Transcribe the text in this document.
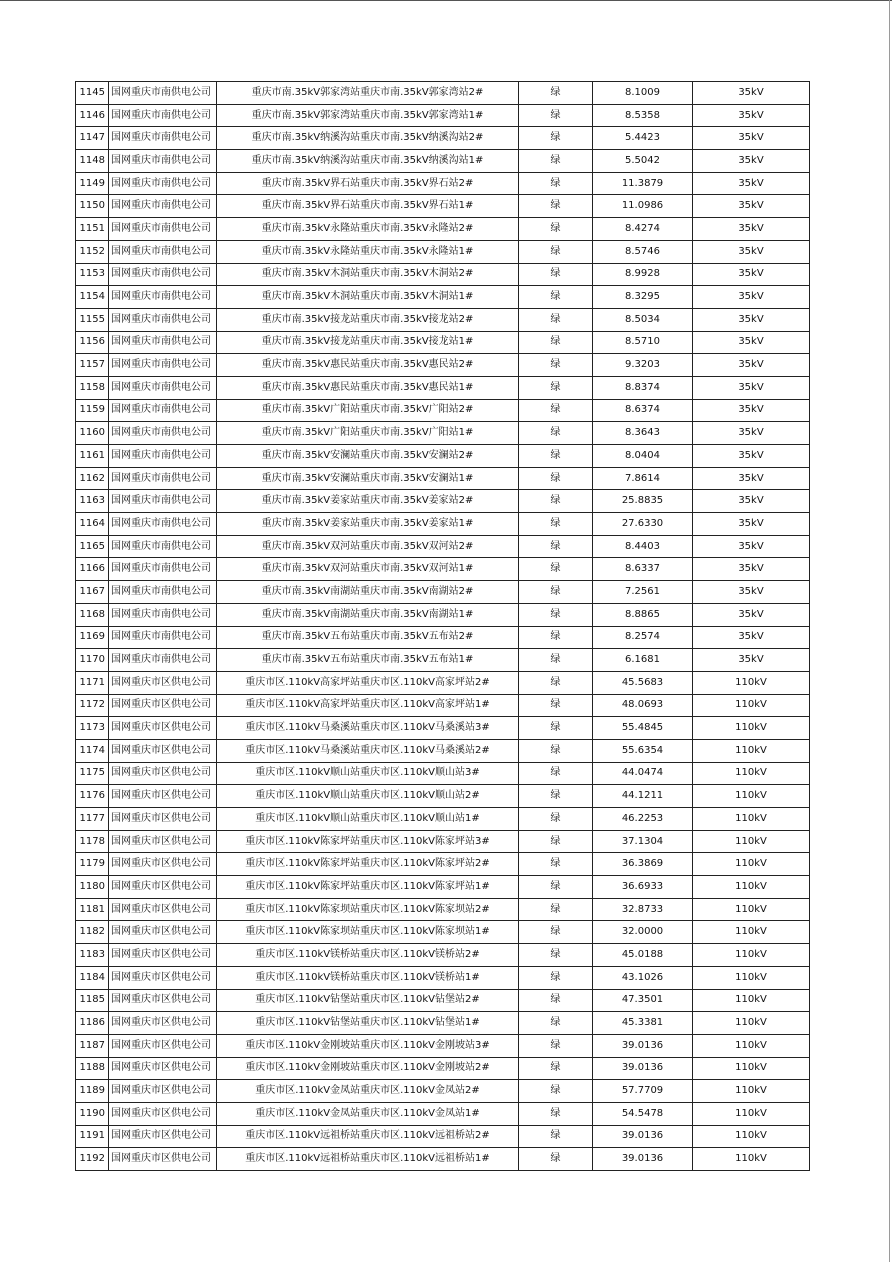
1145	国网重庆市南供电公司	重庆市南.35kV郭家湾站重庆市南.35kV郭家湾站2#	绿	8.1009	35kV
1146	国网重庆市南供电公司	重庆市南.35kV郭家湾站重庆市南.35kV郭家湾站1#	绿	8.5358	35kV
1147	国网重庆市南供电公司	重庆市南.35kV纳溪沟站重庆市南.35kV纳溪沟站2#	绿	5.4423	35kV
1148	国网重庆市南供电公司	重庆市南.35kV纳溪沟站重庆市南.35kV纳溪沟站1#	绿	5.5042	35kV
1149	国网重庆市南供电公司	重庆市南.35kV界石站重庆市南.35kV界石站2#	绿	11.3879	35kV
1150	国网重庆市南供电公司	重庆市南.35kV界石站重庆市南.35kV界石站1#	绿	11.0986	35kV
1151	国网重庆市南供电公司	重庆市南.35kV永隆站重庆市南.35kV永隆站2#	绿	8.4274	35kV
1152	国网重庆市南供电公司	重庆市南.35kV永隆站重庆市南.35kV永隆站1#	绿	8.5746	35kV
1153	国网重庆市南供电公司	重庆市南.35kV木洞站重庆市南.35kV木洞站2#	绿	8.9928	35kV
1154	国网重庆市南供电公司	重庆市南.35kV木洞站重庆市南.35kV木洞站1#	绿	8.3295	35kV
1155	国网重庆市南供电公司	重庆市南.35kV接龙站重庆市南.35kV接龙站2#	绿	8.5034	35kV
1156	国网重庆市南供电公司	重庆市南.35kV接龙站重庆市南.35kV接龙站1#	绿	8.5710	35kV
1157	国网重庆市南供电公司	重庆市南.35kV惠民站重庆市南.35kV惠民站2#	绿	9.3203	35kV
1158	国网重庆市南供电公司	重庆市南.35kV惠民站重庆市南.35kV惠民站1#	绿	8.8374	35kV
1159	国网重庆市南供电公司	重庆市南.35kV广阳站重庆市南.35kV广阳站2#	绿	8.6374	35kV
1160	国网重庆市南供电公司	重庆市南.35kV广阳站重庆市南.35kV广阳站1#	绿	8.3643	35kV
1161	国网重庆市南供电公司	重庆市南.35kV安澜站重庆市南.35kV安澜站2#	绿	8.0404	35kV
1162	国网重庆市南供电公司	重庆市南.35kV安澜站重庆市南.35kV安澜站1#	绿	7.8614	35kV
1163	国网重庆市南供电公司	重庆市南.35kV姜家站重庆市南.35kV姜家站2#	绿	25.8835	35kV
1164	国网重庆市南供电公司	重庆市南.35kV姜家站重庆市南.35kV姜家站1#	绿	27.6330	35kV
1165	国网重庆市南供电公司	重庆市南.35kV双河站重庆市南.35kV双河站2#	绿	8.4403	35kV
1166	国网重庆市南供电公司	重庆市南.35kV双河站重庆市南.35kV双河站1#	绿	8.6337	35kV
1167	国网重庆市南供电公司	重庆市南.35kV南湖站重庆市南.35kV南湖站2#	绿	7.2561	35kV
1168	国网重庆市南供电公司	重庆市南.35kV南湖站重庆市南.35kV南湖站1#	绿	8.8865	35kV
1169	国网重庆市南供电公司	重庆市南.35kV五布站重庆市南.35kV五布站2#	绿	8.2574	35kV
1170	国网重庆市南供电公司	重庆市南.35kV五布站重庆市南.35kV五布站1#	绿	6.1681	35kV
1171	国网重庆市区供电公司	重庆市区.110kV高家坪站重庆市区.110kV高家坪站2#	绿	45.5683	110kV
1172	国网重庆市区供电公司	重庆市区.110kV高家坪站重庆市区.110kV高家坪站1#	绿	48.0693	110kV
1173	国网重庆市区供电公司	重庆市区.110kV马桑溪站重庆市区.110kV马桑溪站3#	绿	55.4845	110kV
1174	国网重庆市区供电公司	重庆市区.110kV马桑溪站重庆市区.110kV马桑溪站2#	绿	55.6354	110kV
1175	国网重庆市区供电公司	重庆市区.110kV顺山站重庆市区.110kV顺山站3#	绿	44.0474	110kV
1176	国网重庆市区供电公司	重庆市区.110kV顺山站重庆市区.110kV顺山站2#	绿	44.1211	110kV
1177	国网重庆市区供电公司	重庆市区.110kV顺山站重庆市区.110kV顺山站1#	绿	46.2253	110kV
1178	国网重庆市区供电公司	重庆市区.110kV陈家坪站重庆市区.110kV陈家坪站3#	绿	37.1304	110kV
1179	国网重庆市区供电公司	重庆市区.110kV陈家坪站重庆市区.110kV陈家坪站2#	绿	36.3869	110kV
1180	国网重庆市区供电公司	重庆市区.110kV陈家坪站重庆市区.110kV陈家坪站1#	绿	36.6933	110kV
1181	国网重庆市区供电公司	重庆市区.110kV陈家坝站重庆市区.110kV陈家坝站2#	绿	32.8733	110kV
1182	国网重庆市区供电公司	重庆市区.110kV陈家坝站重庆市区.110kV陈家坝站1#	绿	32.0000	110kV
1183	国网重庆市区供电公司	重庆市区.110kV镁桥站重庆市区.110kV镁桥站2#	绿	45.0188	110kV
1184	国网重庆市区供电公司	重庆市区.110kV镁桥站重庆市区.110kV镁桥站1#	绿	43.1026	110kV
1185	国网重庆市区供电公司	重庆市区.110kV钻堡站重庆市区.110kV钻堡站2#	绿	47.3501	110kV
1186	国网重庆市区供电公司	重庆市区.110kV钻堡站重庆市区.110kV钻堡站1#	绿	45.3381	110kV
1187	国网重庆市区供电公司	重庆市区.110kV金刚坡站重庆市区.110kV金刚坡站3#	绿	39.0136	110kV
1188	国网重庆市区供电公司	重庆市区.110kV金刚坡站重庆市区.110kV金刚坡站2#	绿	39.0136	110kV
1189	国网重庆市区供电公司	重庆市区.110kV金凤站重庆市区.110kV金凤站2#	绿	57.7709	110kV
1190	国网重庆市区供电公司	重庆市区.110kV金凤站重庆市区.110kV金凤站1#	绿	54.5478	110kV
1191	国网重庆市区供电公司	重庆市区.110kV远祖桥站重庆市区.110kV远祖桥站2#	绿	39.0136	110kV
1192	国网重庆市区供电公司	重庆市区.110kV远祖桥站重庆市区.110kV远祖桥站1#	绿	39.0136	110kV
